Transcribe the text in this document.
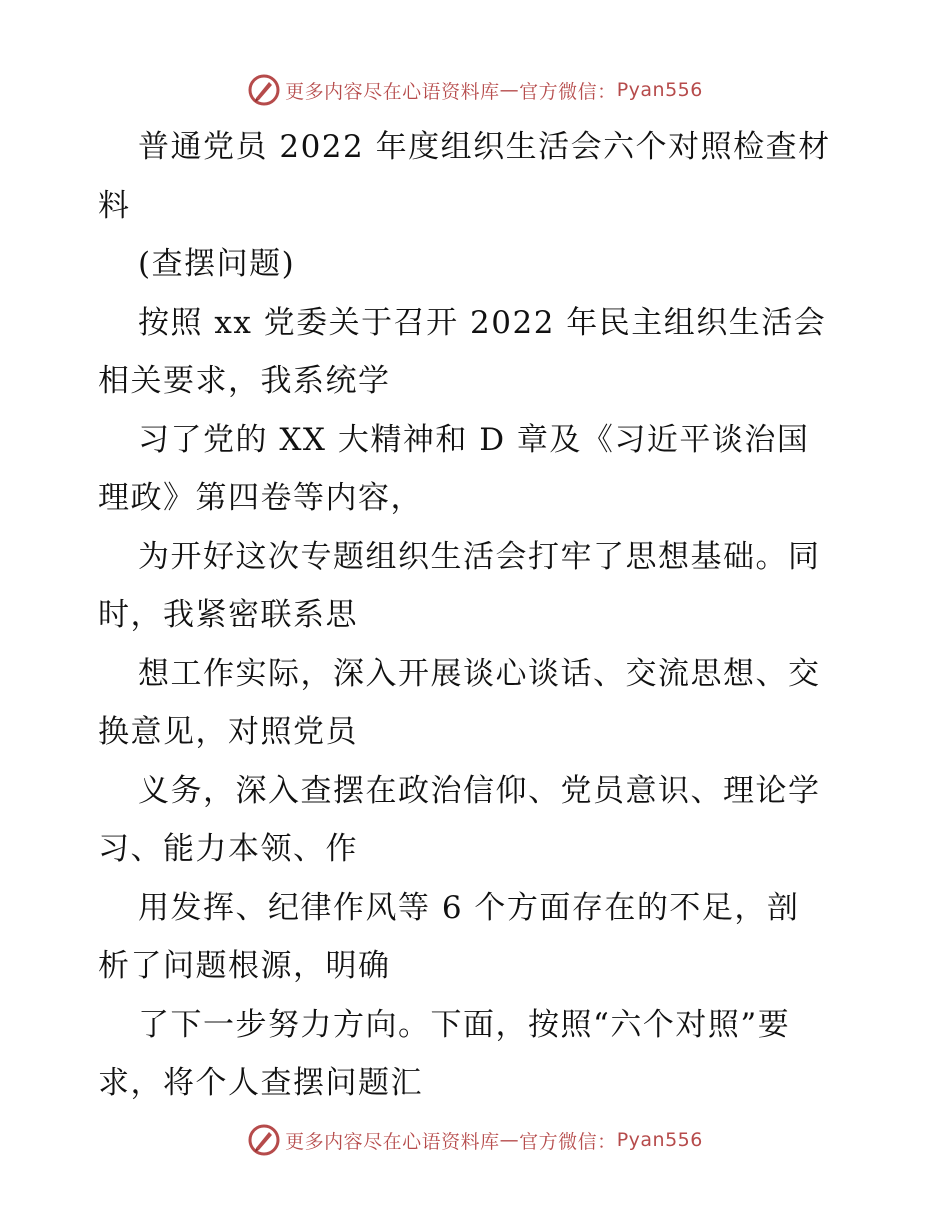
更多内容尽在心语资料库 — 官方微信： Pyan556
普通党员 2022 年度组织生活会六个对照检查材
料
(查摆问题)
按照 xx 党委关于召开 2022 年民主组织生活会
相关要求，我系统学
习了党的 XX 大精神和 D 章及《习近平谈治国
理政》第四卷等内容，
为开好这次专题组织生活会打牢了思想基础。同
时，我紧密联系思
想工作实际，深入开展谈心谈话、交流思想、交
换意见，对照党员
义务，深入查摆在政治信仰、党员意识、理论学
习、能力本领、作
用发挥、纪律作风等 6 个方面存在的不足，剖
析了问题根源，明确
了下一步努力方向。下面，按照“六个对照”要
求，将个人查摆问题汇
更多内容尽在心语资料库 — 官方微信： Pyan556
